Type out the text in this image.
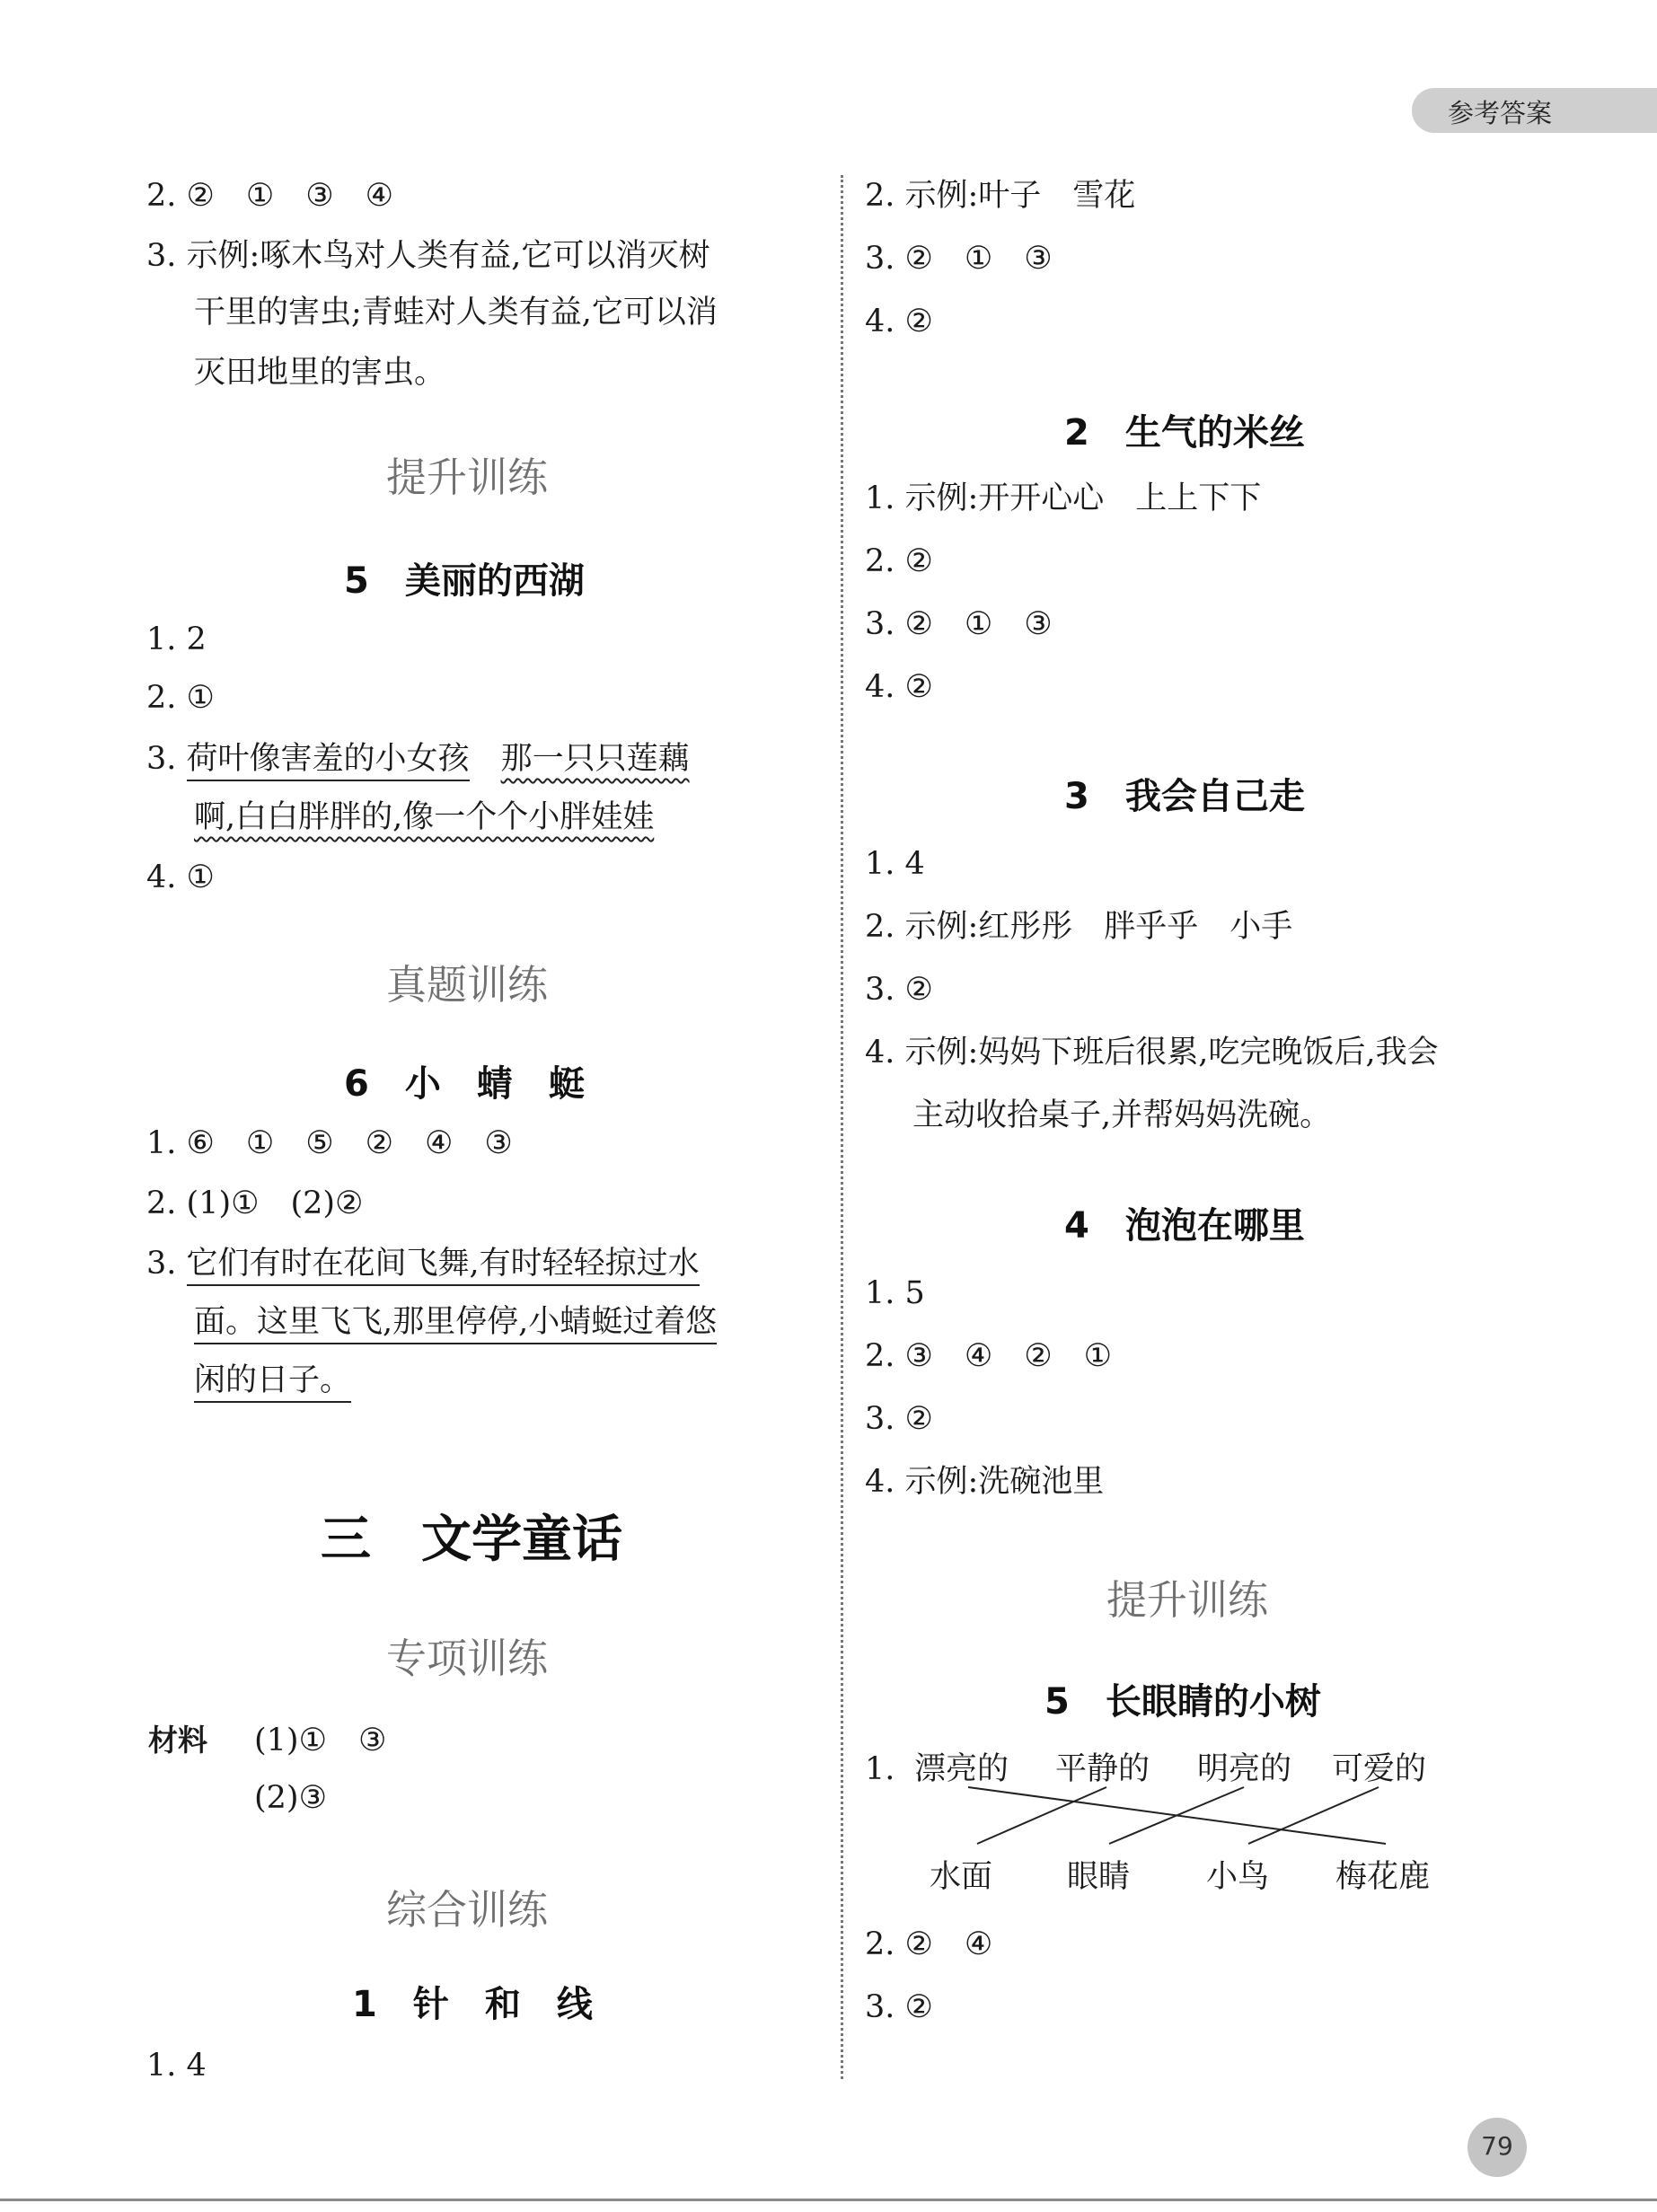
参考答案
2. ②　①　③　④
3. 示例:啄木鸟对人类有益,它可以消灭树
干里的害虫;青蛙对人类有益,它可以消
灭田地里的害虫。
提升训练
5　美丽的西湖
1. 2
2. ①
3. 荷叶像害羞的小女孩　 那一只只莲藕
啊,白白胖胖的,像一个个小胖娃娃
4. ①
真题训练
6　小　蜻　蜓
1. ⑥　①　⑤　②　④　③
2. (1)①　(2)②
3. 它们有时在花间飞舞,有时轻轻掠过水
面。这里飞飞,那里停停,小蜻蜓过着悠
闲的日子。
三　文学童话
专项训练
材料 (1)①　③
(2)③
综合训练
1　针　和　线
1. 4
2. 示例:叶子　雪花
3. ②　①　③
4. ②
2　生气的米丝
1. 示例:开开心心　上上下下
2. ②
3. ②　①　③
4. ②
3　我会自己走
1. 4
2. 示例:红彤彤　胖乎乎　小手
3. ②
4. 示例:妈妈下班后很累,吃完晚饭后,我会
主动收拾桌子,并帮妈妈洗碗。
4　泡泡在哪里
1. 5
2. ③　④　②　①
3. ②
4. 示例:洗碗池里
提升训练
5　长眼睛的小树
1. 漂亮的 平静的 明亮的 可爱的
水面 眼睛 小鸟 梅花鹿
2. ②　④
3. ②
79
